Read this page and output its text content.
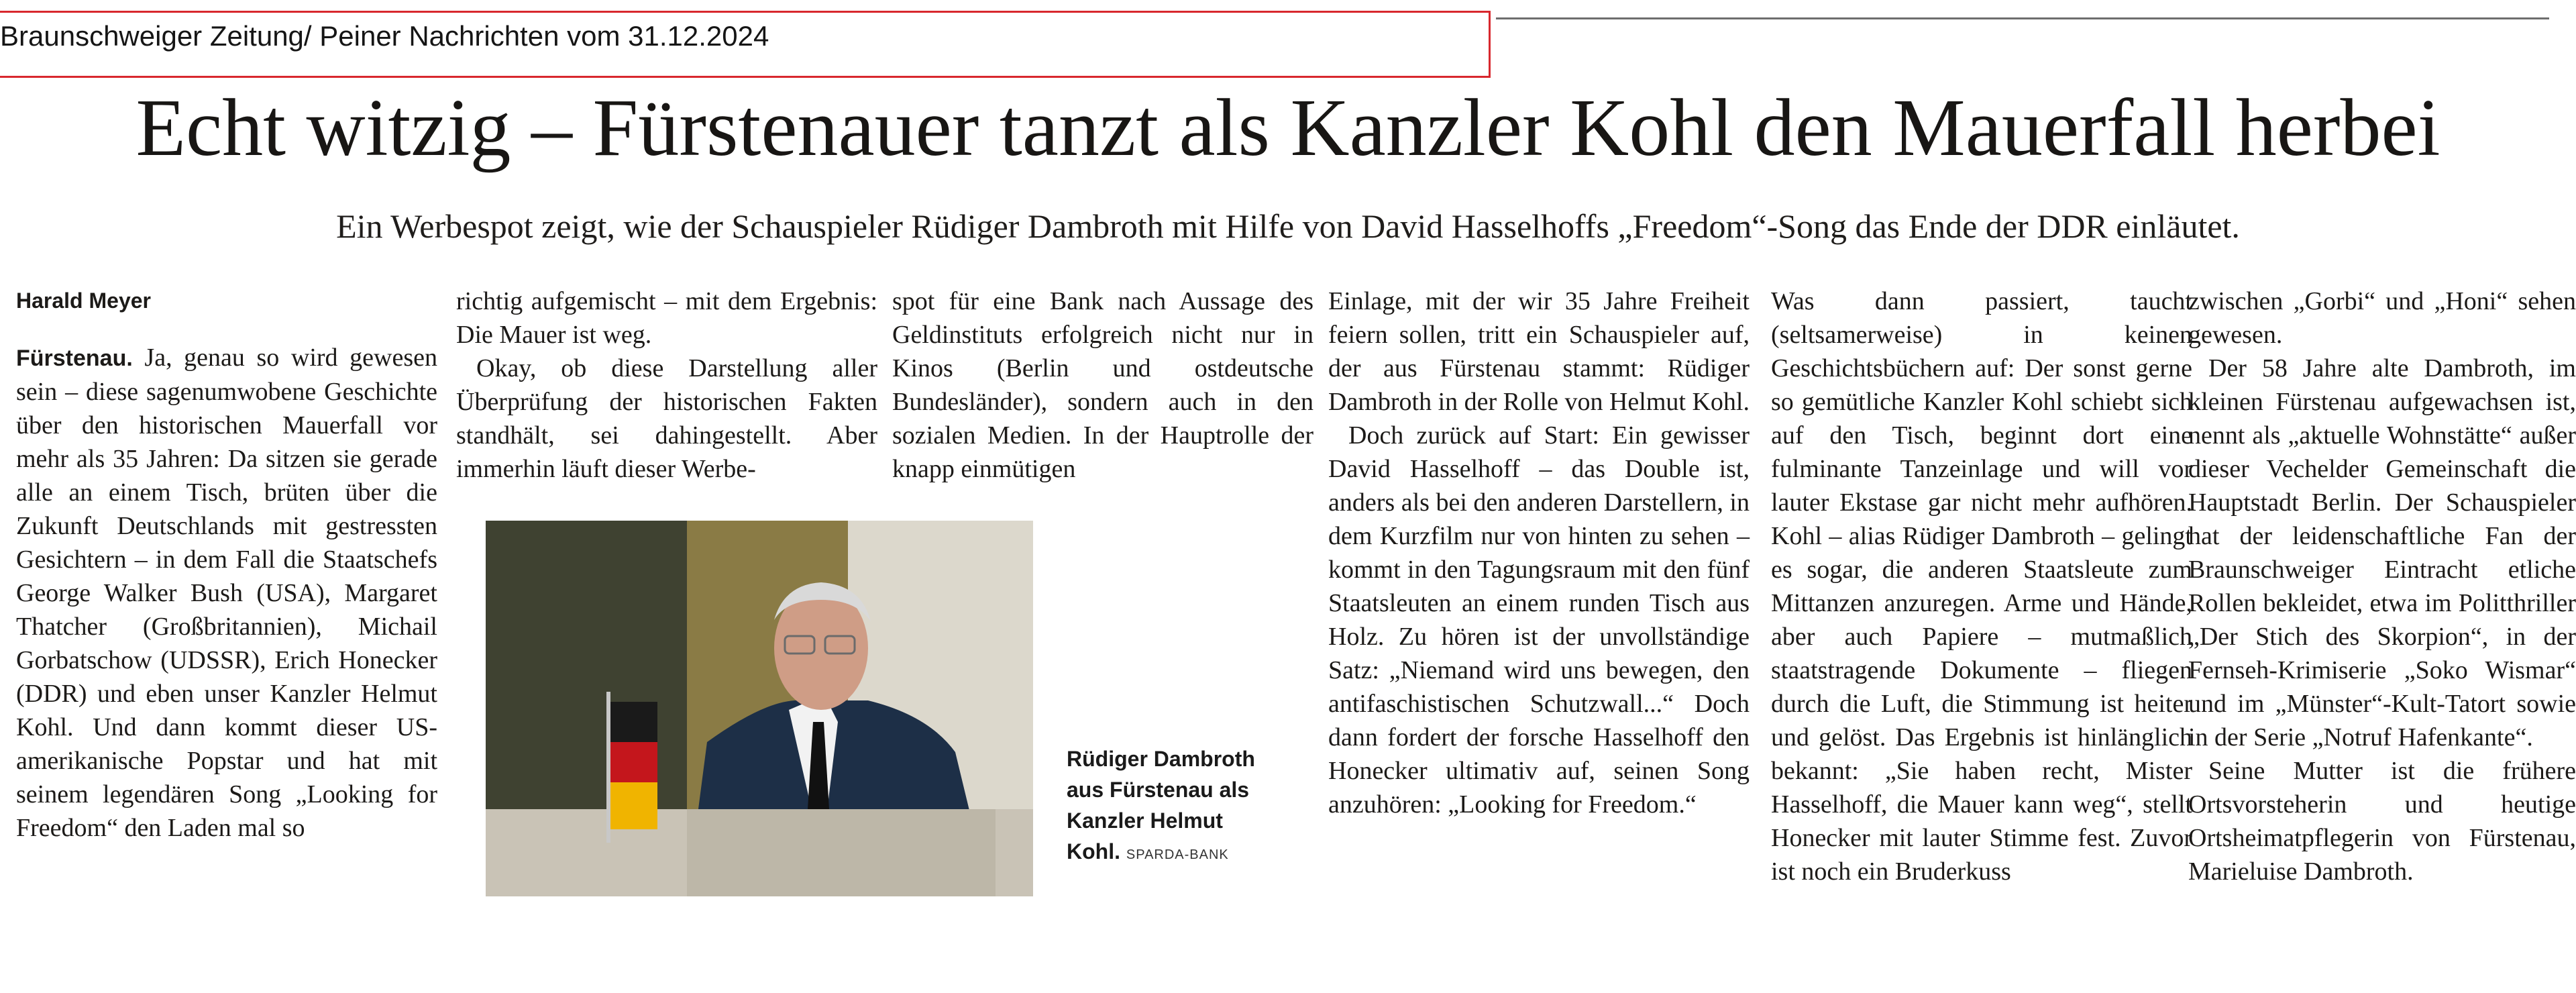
Braunschweiger Zeitung/ Peiner Nachrichten vom 31.12.2024
Echt witzig – Fürstenauer tanzt als Kanzler Kohl den Mauerfall herbei
Ein Werbespot zeigt, wie der Schauspieler Rüdiger Dambroth mit Hilfe von David Hasselhoffs „Freedom“-Song das Ende der DDR einläutet.
Harald Meyer

Fürstenau. Ja, genau so wird gewesen sein – diese sagenumwobene Geschichte über den historischen Mauerfall vor mehr als 35 Jahren: Da sitzen sie gerade alle an einem Tisch, brüten über die Zukunft Deutschlands mit gestressten Gesichtern – in dem Fall die Staatschefs George Walker Bush (USA), Margaret Thatcher (Großbritannien), Michail Gorbatschow (UDSSR), Erich Honecker (DDR) und eben unser Kanzler Helmut Kohl. Und dann kommt dieser US-amerikanische Popstar und hat mit seinem legendären Song „Looking for Freedom“ den Laden mal so

richtig aufgemischt – mit dem Ergebnis: Die Mauer ist weg.

Okay, ob diese Darstellung aller Überprüfung der historischen Fakten standhält, sei dahingestellt. Aber immerhin läuft dieser Werbe-

spot für eine Bank nach Aussage des Geldinstituts erfolgreich nicht nur in Kinos (Berlin und ostdeutsche Bundesländer), sondern auch in den sozialen Medien. In der Hauptrolle der knapp einmütigen

Einlage, mit der wir 35 Jahre Freiheit feiern sollen, tritt ein Schauspieler auf, der aus Fürstenau stammt: Rüdiger Dambroth in der Rolle von Helmut Kohl.

Doch zurück auf Start: Ein gewisser David Hasselhoff – das Double ist, anders als bei den anderen Darstellern, in dem Kurzfilm nur von hinten zu sehen – kommt in den Tagungsraum mit den fünf Staatsleuten an einem runden Tisch aus Holz. Zu hören ist der unvollständige Satz: „Niemand wird uns bewegen, den antifaschistischen Schutzwall...“ Doch dann fordert der forsche Hasselhoff den Honecker ultimativ auf, seinen Song anzuhören: „Looking for Freedom.“

Was dann passiert, taucht (seltsamerweise) in keinen Geschichtsbüchern auf: Der sonst gerne so gemütliche Kanzler Kohl schiebt sich auf den Tisch, beginnt dort eine fulminante Tanzeinlage und will vor lauter Ekstase gar nicht mehr aufhören. Kohl – alias Rüdiger Dambroth – gelingt es sogar, die anderen Staatsleute zum Mittanzen anzuregen. Arme und Hände, aber auch Papiere – mutmaßlich staatstragende Dokumente – fliegen durch die Luft, die Stimmung ist heiter und gelöst. Das Ergebnis ist hinlänglich bekannt: „Sie haben recht, Mister Hasselhoff, die Mauer kann weg“, stellt Honecker mit lauter Stimme fest. Zuvor ist noch ein Bruderkuss

zwischen „Gorbi“ und „Honi“ sehen gewesen.

Der 58 Jahre alte Dambroth, im kleinen Fürstenau aufgewachsen ist, nennt als „aktuelle Wohnstätte“ außer dieser Vechelder Gemeinschaft die Hauptstadt Berlin. Der Schauspieler hat der leidenschaftliche Fan der Braunschweiger Eintracht etliche Rollen bekleidet, etwa im Politthriller „Der Stich des Skorpion“, in der Fernseh-Krimiserie „Soko Wismar“ und im „Münster“-Kult-Tatort sowie in der Serie „Notruf Hafenkante“.

Seine Mutter ist die frühere Ortsvorsteherin und heutige Ortsheimatpflegerin von Fürstenau, Marieluise Dambroth.

Rüdiger Dambroth aus Fürstenau als Kanzler Helmut Kohl. SPARDA-BANK
